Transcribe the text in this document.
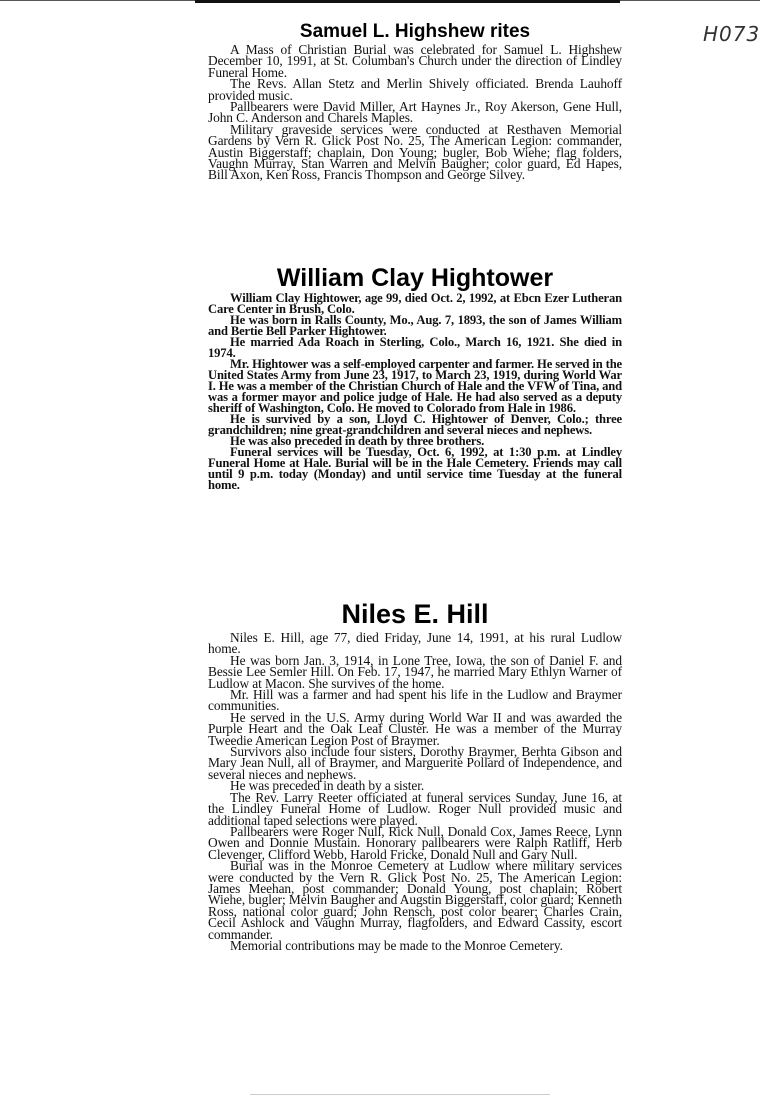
H073
Samuel L. Highshew rites

A Mass of Christian Burial was celebrated for Samuel L. Highshew December 10, 1991, at St. Columban's Church under the direction of Lindley Funeral Home.

The Revs. Allan Stetz and Merlin Shively officiated. Brenda Lauhoff provided music.

Pallbearers were David Miller, Art Haynes Jr., Roy Akerson, Gene Hull, John C. Anderson and Charels Maples.

Military graveside services were conducted at Resthaven Memorial Gardens by Vern R. Glick Post No. 25, The American Legion: commander, Austin Biggerstaff; chaplain, Don Young; bugler, Bob Wiehe; flag folders, Vaughn Murray, Stan Warren and Melvin Baugher; color guard, Ed Hapes, Bill Axon, Ken Ross, Francis Thompson and George Silvey.

William Clay Hightower

William Clay Hightower, age 99, died Oct. 2, 1992, at Ebcn Ezer Lutheran Care Center in Brush, Colo.

He was born in Ralls County, Mo., Aug. 7, 1893, the son of James William and Bertie Bell Parker Hightower.

He married Ada Roach in Sterling, Colo., March 16, 1921. She died in 1974.

Mr. Hightower was a self-employed carpenter and farmer. He served in the United States Army from June 23, 1917, to March 23, 1919, during World War I. He was a member of the Christian Church of Hale and the VFW of Tina, and was a former mayor and police judge of Hale. He had also served as a deputy sheriff of Washington, Colo. He moved to Colorado from Hale in 1986.

He is survived by a son, Lloyd C. Hightower of Denver, Colo.; three grandchildren; nine great-grandchildren and several nieces and nephews.

He was also preceded in death by three brothers.

Funeral services will be Tuesday, Oct. 6, 1992, at 1:30 p.m. at Lindley Funeral Home at Hale. Burial will be in the Hale Cemetery. Friends may call until 9 p.m. today (Monday) and until service time Tuesday at the funeral home.

Niles E. Hill

Niles E. Hill, age 77, died Friday, June 14, 1991, at his rural Ludlow home.

He was born Jan. 3, 1914, in Lone Tree, Iowa, the son of Daniel F. and Bessie Lee Semler Hill. On Feb. 17, 1947, he married Mary Ethlyn Warner of Ludlow at Macon. She survives of the home.

Mr. Hill was a farmer and had spent his life in the Ludlow and Braymer communities.

He served in the U.S. Army during World War II and was awarded the Purple Heart and the Oak Leaf Cluster. He was a member of the Murray Tweedie American Legion Post of Braymer.

Survivors also include four sisters, Dorothy Braymer, Berhta Gibson and Mary Jean Null, all of Braymer, and Marguerite Pollard of Independence, and several nieces and nephews.

He was preceded in death by a sister.

The Rev. Larry Reeter officiated at funeral services Sunday, June 16, at the Lindley Funeral Home of Ludlow. Roger Null provided music and additional taped selections were played.

Pallbearers were Roger Null, Rick Null, Donald Cox, James Reece, Lynn Owen and Donnie Mustain. Honorary pallbearers were Ralph Ratliff, Herb Clevenger, Clifford Webb, Harold Fricke, Donald Null and Gary Null.

Burial was in the Monroe Cemetery at Ludlow where military services were conducted by the Vern R. Glick Post No. 25, The American Legion: James Meehan, post commander; Donald Young, post chaplain; Robert Wiehe, bugler; Melvin Baugher and Augstin Biggerstaff, color guard; Kenneth Ross, national color guard; John Rensch, post color bearer; Charles Crain, Cecil Ashlock and Vaughn Murray, flagfolders, and Edward Cassity, escort commander.

Memorial contributions may be made to the Monroe Cemetery.
